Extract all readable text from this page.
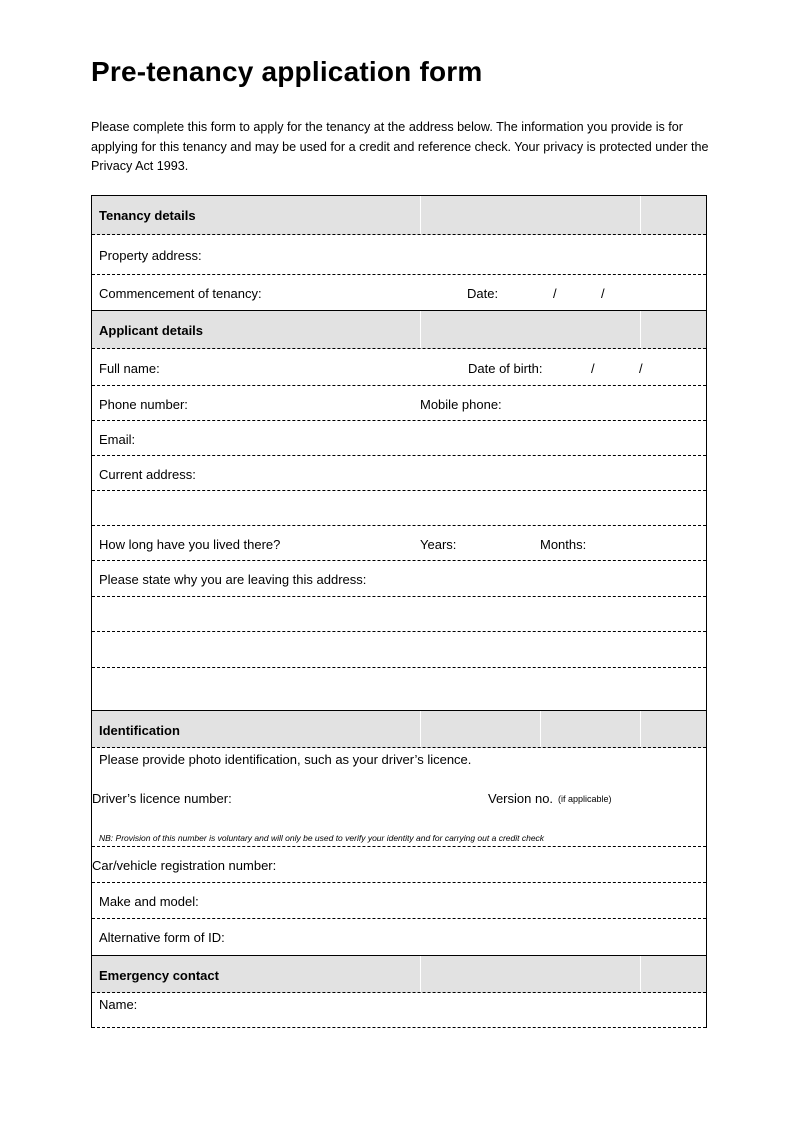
Pre-tenancy application form
Please complete this form to apply for the tenancy at the address below. The information you provide is for applying for this tenancy and may be used for a credit and reference check. Your privacy is protected under the Privacy Act 1993.
Tenancy details
Property address:
Commencement of tenancy:	Date:	/	/
Applicant details
Full name:	Date of birth:	/	/
Phone number:	Mobile phone:
Email:
Current address:
How long have you lived there?	Years:	Months:
Please state why you are leaving this address:
Identification
Please provide photo identification, such as your driver’s licence.
Driver’s licence number:	Version no. (if applicable)
NB: Provision of this number is voluntary and will only be used to verify your identity and for carrying out a credit check
Car/vehicle registration number:
Make and model:
Alternative form of ID:
Emergency contact
Name:
